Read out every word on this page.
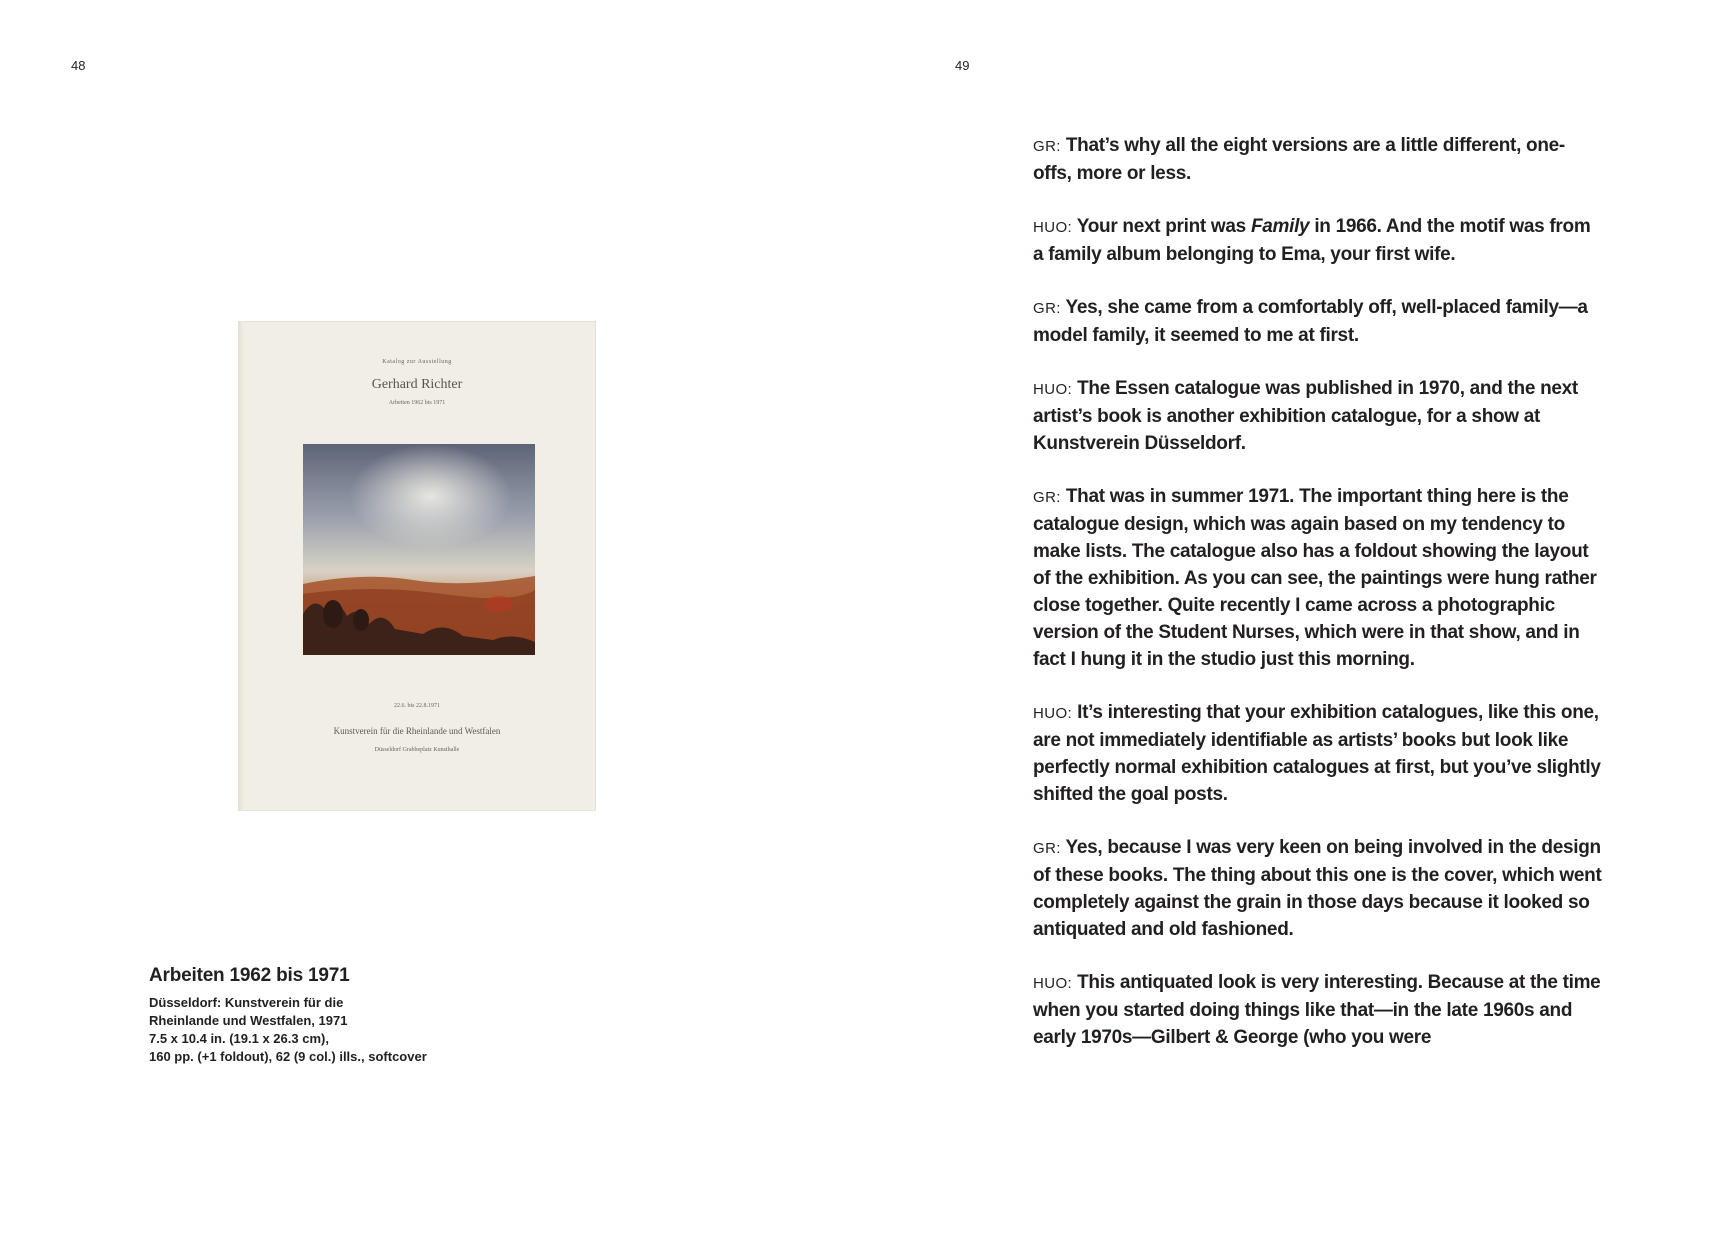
48	49
Katalog zur Ausstellung
Gerhard Richter
Arbeiten 1962 bis 1971
22.6. bis 22.8.1971
Kunstverein für die Rheinlande und Westfalen
Düsseldorf Grabbeplatz Kunsthalle
Arbeiten 1962 bis 1971
Düsseldorf: Kunstverein für die
Rheinlande und Westfalen, 1971
7.5 x 10.4 in. (19.1 x 26.3 cm),
160 pp. (+1 foldout), 62 (9 col.) ills., softcover

GR: That’s why all the eight versions are a little different, one-offs, more or less.

HUO: Your next print was Family in 1966. And the motif was from a family album belonging to Ema, your first wife.

GR: Yes, she came from a comfortably off, well-placed family—a model family, it seemed to me at first.

HUO: The Essen catalogue was published in 1970, and the next artist’s book is another exhibition catalogue, for a show at Kunstverein Düsseldorf.

GR: That was in summer 1971. The important thing here is the catalogue design, which was again based on my tendency to make lists. The catalogue also has a foldout showing the layout of the exhibition. As you can see, the paintings were hung rather close together. Quite recently I came across a photographic version of the Student Nurses, which were in that show, and in fact I hung it in the studio just this morning.

HUO: It’s interesting that your exhibition catalogues, like this one, are not immediately identifiable as artists’ books but look like perfectly normal exhibition catalogues at first, but you’ve slightly shifted the goal posts.

GR: Yes, because I was very keen on being involved in the design of these books. The thing about this one is the cover, which went completely against the grain in those days because it looked so antiquated and old fashioned.

HUO: This antiquated look is very interesting. Because at the time when you started doing things like that—in the late 1960s and early 1970s—Gilbert & George (who you were
